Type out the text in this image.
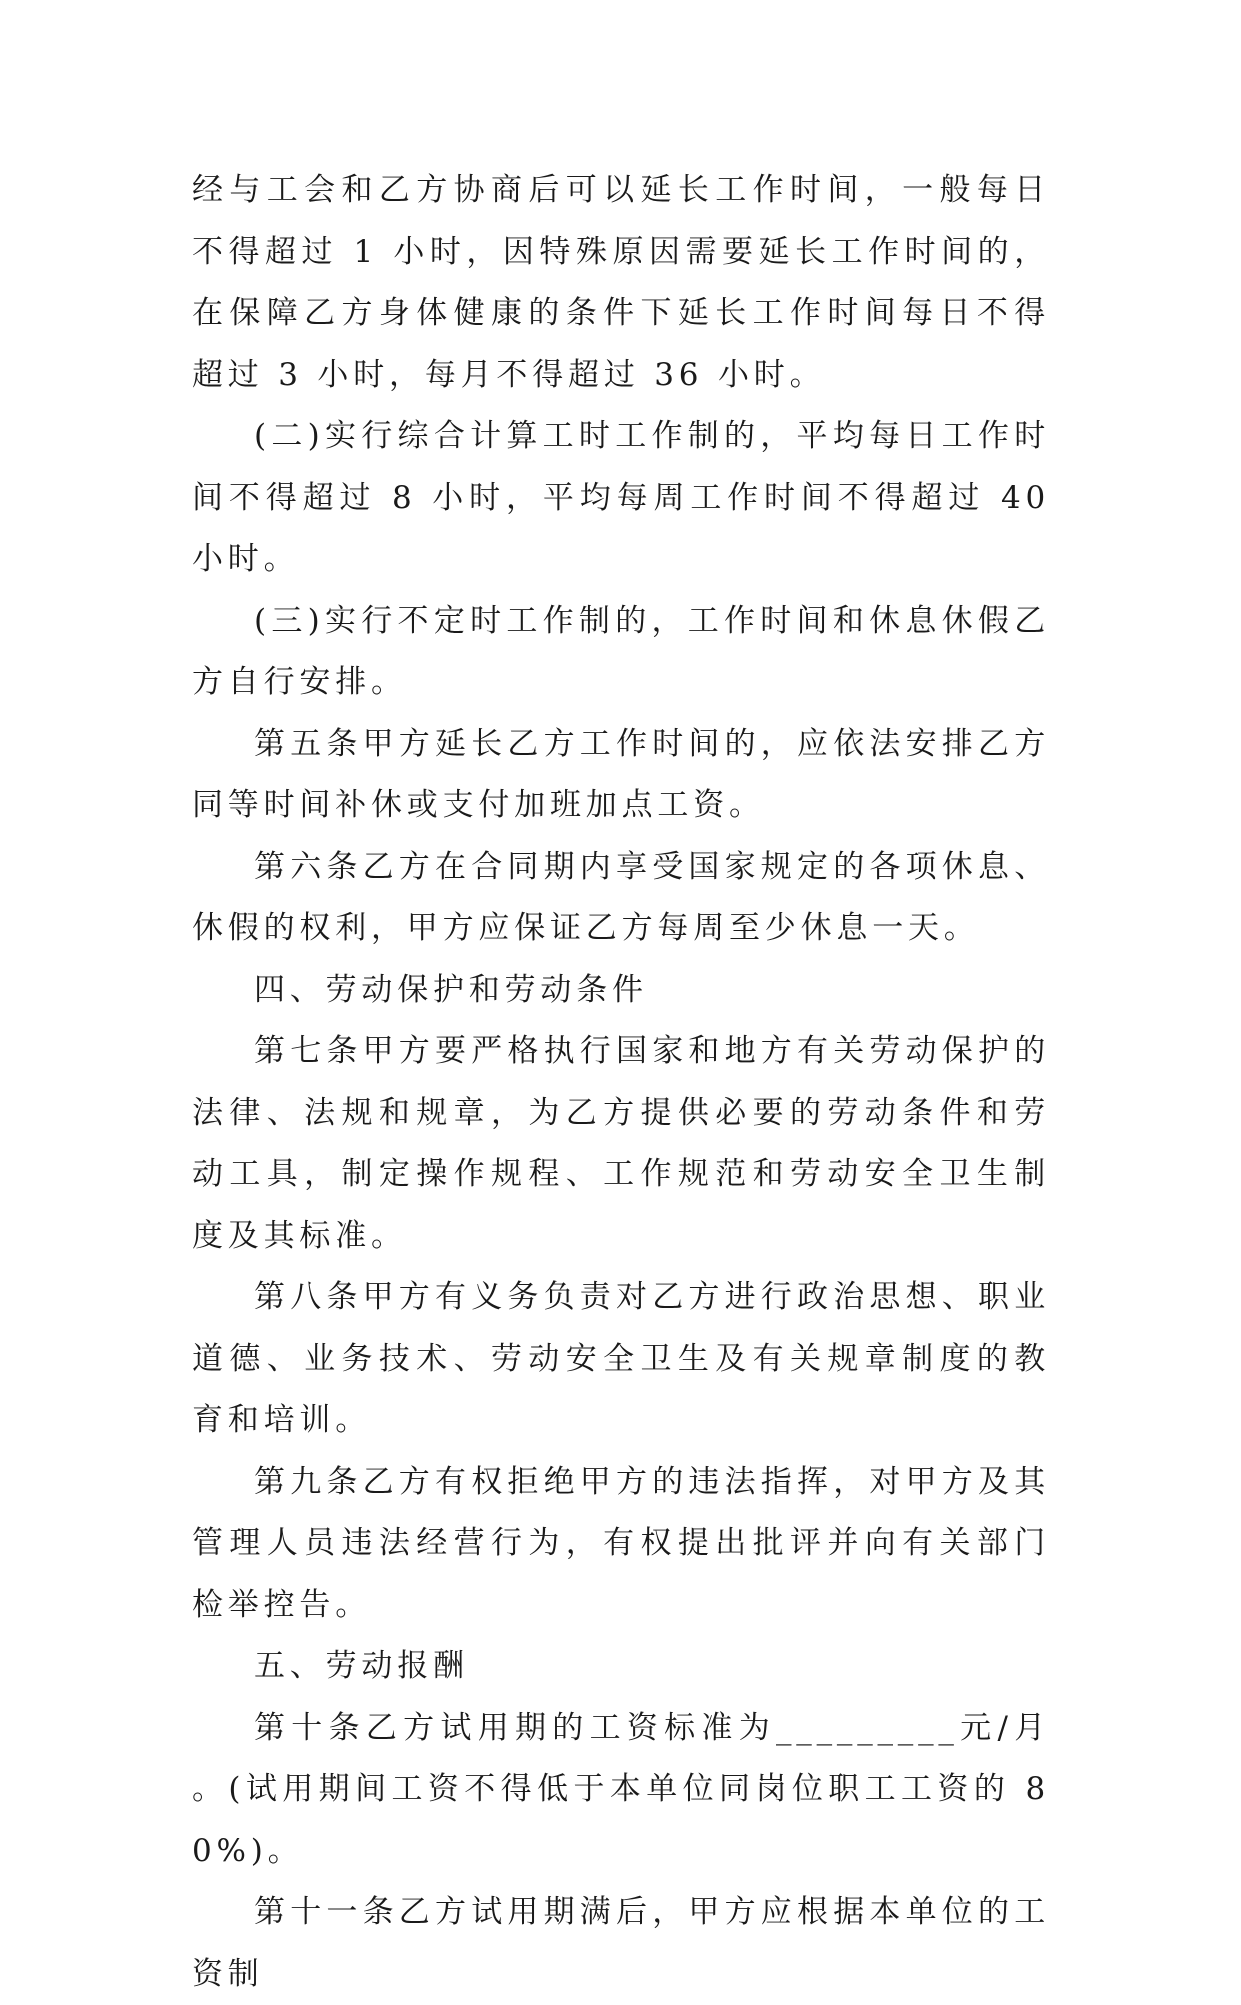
经与工会和乙方协商后可以延长工作时间，一般每日不得超过 1 小时，因特殊原因需要延长工作时间的，在保障乙方身体健康的条件下延长工作时间每日不得超过 3 小时，每月不得超过 36 小时。

(二)实行综合计算工时工作制的，平均每日工作时间不得超过 8 小时，平均每周工作时间不得超过 40 小时。

(三)实行不定时工作制的，工作时间和休息休假乙方自行安排。

第五条甲方延长乙方工作时间的，应依法安排乙方同等时间补休或支付加班加点工资。

第六条乙方在合同期内享受国家规定的各项休息、休假的权利，甲方应保证乙方每周至少休息一天。

四、劳动保护和劳动条件

第七条甲方要严格执行国家和地方有关劳动保护的法律、法规和规章，为乙方提供必要的劳动条件和劳动工具，制定操作规程、工作规范和劳动安全卫生制度及其标准。

第八条甲方有义务负责对乙方进行政治思想、职业道德、业务技术、劳动安全卫生及有关规章制度的教育和培训。

第九条乙方有权拒绝甲方的违法指挥，对甲方及其管理人员违法经营行为，有权提出批评并向有关部门检举控告。

五、劳动报酬

第十条乙方试用期的工资标准为_________元/月。(试用期间工资不得低于本单位同岗位职工工资的 80%)。

第十一条乙方试用期满后，甲方应根据本单位的工资制
